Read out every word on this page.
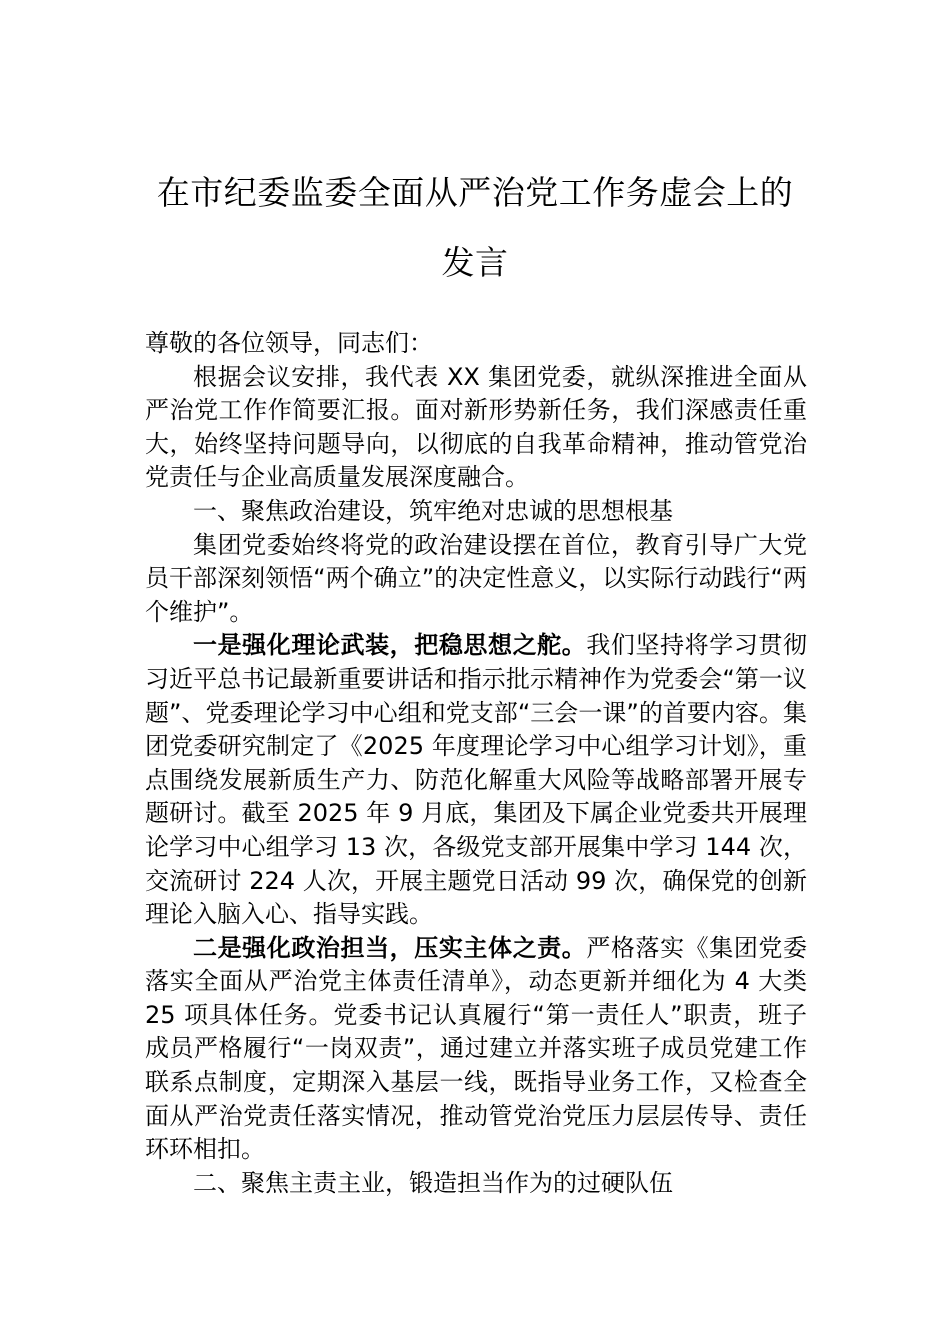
在市纪委监委全面从严治党工作务虚会上的发言

尊敬的各位领导，同志们：

根据会议安排，我代表 XX 集团党委，就纵深推进全面从严治党工作作简要汇报。面对新形势新任务，我们深感责任重大，始终坚持问题导向，以彻底的自我革命精神，推动管党治党责任与企业高质量发展深度融合。

一、聚焦政治建设，筑牢绝对忠诚的思想根基

集团党委始终将党的政治建设摆在首位，教育引导广大党员干部深刻领悟“两个确立”的决定性意义，以实际行动践行“两个维护”。

一是强化理论武装，把稳思想之舵。我们坚持将学习贯彻习近平总书记最新重要讲话和指示批示精神作为党委会“第一议题”、党委理论学习中心组和党支部“三会一课”的首要内容。集团党委研究制定了《2025 年度理论学习中心组学习计划》，重点围绕发展新质生产力、防范化解重大风险等战略部署开展专题研讨。截至 2025 年 9 月底，集团及下属企业党委共开展理论学习中心组学习 13 次，各级党支部开展集中学习 144 次，交流研讨 224 人次，开展主题党日活动 99 次，确保党的创新理论入脑入心、指导实践。

二是强化政治担当，压实主体之责。严格落实《集团党委落实全面从严治党主体责任清单》，动态更新并细化为 4 大类 25 项具体任务。党委书记认真履行“第一责任人”职责，班子成员严格履行“一岗双责”，通过建立并落实班子成员党建工作联系点制度，定期深入基层一线，既指导业务工作，又检查全面从严治党责任落实情况，推动管党治党压力层层传导、责任环环相扣。

二、聚焦主责主业，锻造担当作为的过硬队伍
